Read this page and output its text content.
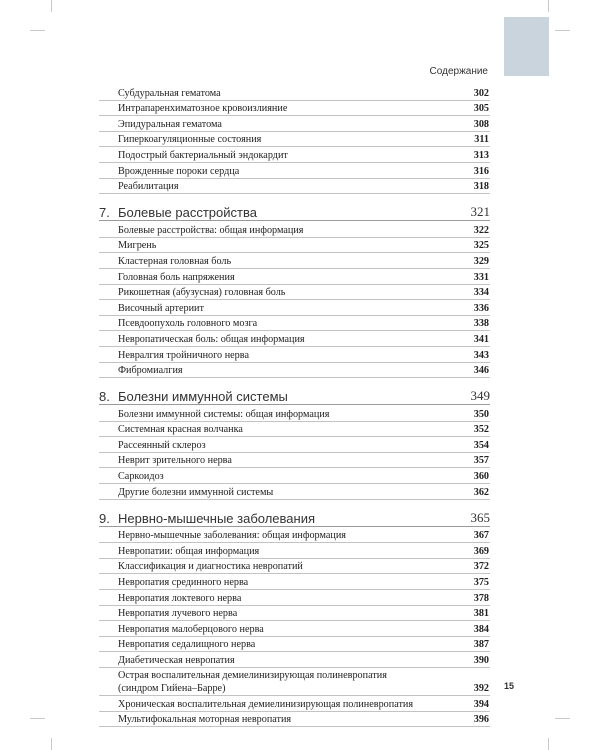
Содержание
Субдуральная гематома	302
Интрапаренхиматозное кровоизлияние	305
Эпидуральная гематома	308
Гиперкоагуляционные состояния	311
Подострый бактериальный эндокардит	313
Врожденные пороки сердца	316
Реабилитация	318
7. Болевые расстройства	321
Болевые расстройства: общая информация	322
Мигрень	325
Кластерная головная боль	329
Головная боль напряжения	331
Рикошетная (абузусная) головная боль	334
Височный артериит	336
Псевдоопухоль головного мозга	338
Невропатическая боль: общая информация	341
Невралгия тройничного нерва	343
Фибромиалгия	346
8. Болезни иммунной системы	349
Болезни иммунной системы: общая информация	350
Системная красная волчанка	352
Рассеянный склероз	354
Неврит зрительного нерва	357
Саркоидоз	360
Другие болезни иммунной системы	362
9. Нервно-мышечные заболевания	365
Нервно-мышечные заболевания: общая информация	367
Невропатии: общая информация	369
Классификация и диагностика невропатий	372
Невропатия срединного нерва	375
Невропатия локтевого нерва	378
Невропатия лучевого нерва	381
Невропатия малоберцового нерва	384
Невропатия седалищного нерва	387
Диабетическая невропатия	390
Острая воспалительная демиелинизирующая полиневропатия
(синдром Гийена–Барре)	392
Хроническая воспалительная демиелинизирующая полиневропатия	394
Мультифокальная моторная невропатия	396
15
